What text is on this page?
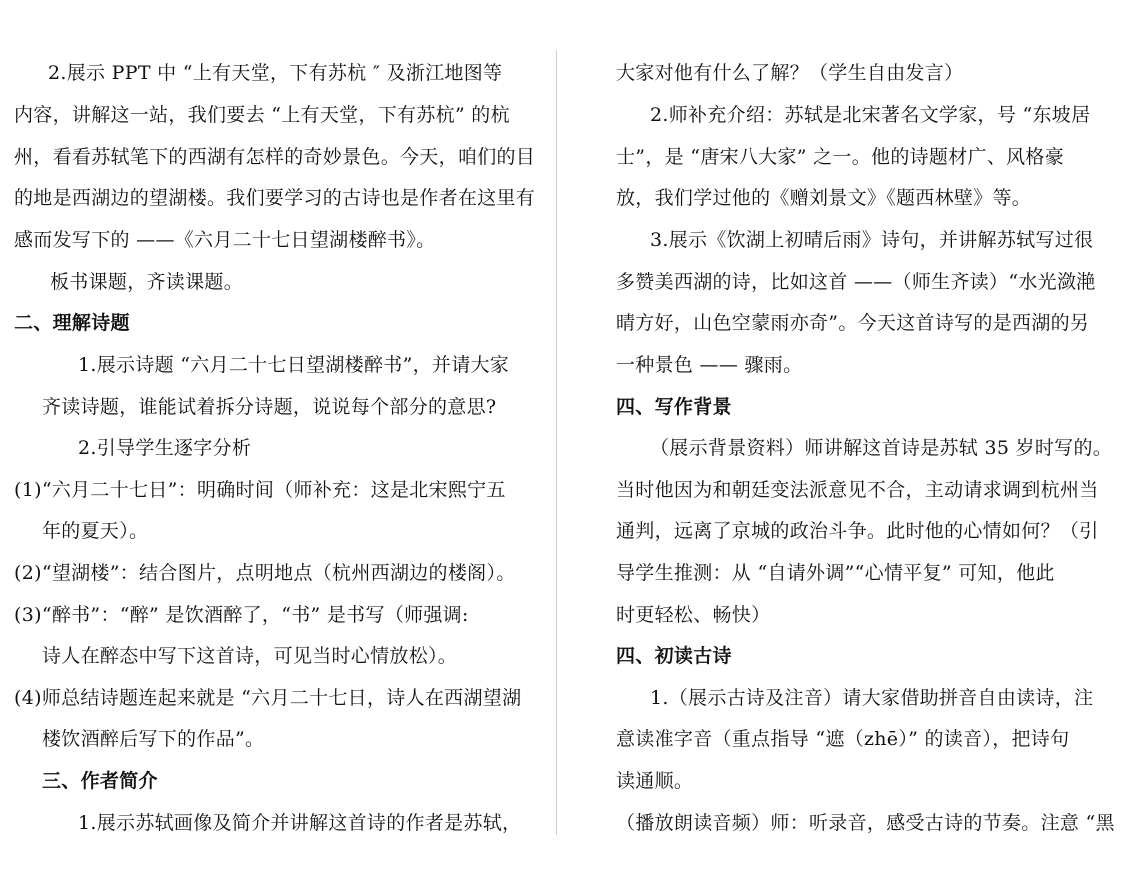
2.展示 PPT 中 “上有天堂，下有苏杭 ″ 及浙江地图等
内容，讲解这一站，我们要去 “上有天堂，下有苏杭” 的杭
州，看看苏轼笔下的西湖有怎样的奇妙景色。今天，咱们的目
的地是西湖边的望湖楼。我们要学习的古诗也是作者在这里有
感而发写下的 ——《六月二十七日望湖楼醉书》。
板书课题，齐读课题。
二、理解诗题
1.展示诗题 “六月二十七日望湖楼醉书”，并请大家
齐读诗题，谁能试着拆分诗题，说说每个部分的意思?
2.引导学生逐字分析
(1)“六月二十七日”：明确时间（师补充：这是北宋熙宁五
年的夏天）。
(2)“望湖楼”：结合图片，点明地点（杭州西湖边的楼阁）。
(3)“醉书”：“醉” 是饮酒醉了，“书” 是书写（师强调:
诗人在醉态中写下这首诗，可见当时心情放松）。
(4)师总结诗题连起来就是 “六月二十七日，诗人在西湖望湖
楼饮酒醉后写下的作品”。
三、作者简介
1.展示苏轼画像及简介并讲解这首诗的作者是苏轼，
大家对他有什么了解？（学生自由发言）
2.师补充介绍：苏轼是北宋著名文学家，号 “东坡居
士”，是 “唐宋八大家” 之一。他的诗题材广、风格豪
放，我们学过他的《赠刘景文》《题西林壁》等。
3.展示《饮湖上初晴后雨》诗句，并讲解苏轼写过很
多赞美西湖的诗，比如这首 ——（师生齐读）“水光潋滟
晴方好，山色空蒙雨亦奇”。今天这首诗写的是西湖的另
一种景色 —— 骤雨。
四、写作背景
（展示背景资料）师讲解这首诗是苏轼 35 岁时写的。
当时他因为和朝廷变法派意见不合，主动请求调到杭州当
通判，远离了京城的政治斗争。此时他的心情如何？（引
导学生推测：从 “自请外调”“心情平复” 可知，他此
时更轻松、畅快）
四、初读古诗
1.（展示古诗及注音）请大家借助拼音自由读诗，注
意读准字音（重点指导 “遮（zhē）” 的读音），把诗句
读通顺。
（播放朗读音频）师：听录音，感受古诗的节奏。注意 “黑
